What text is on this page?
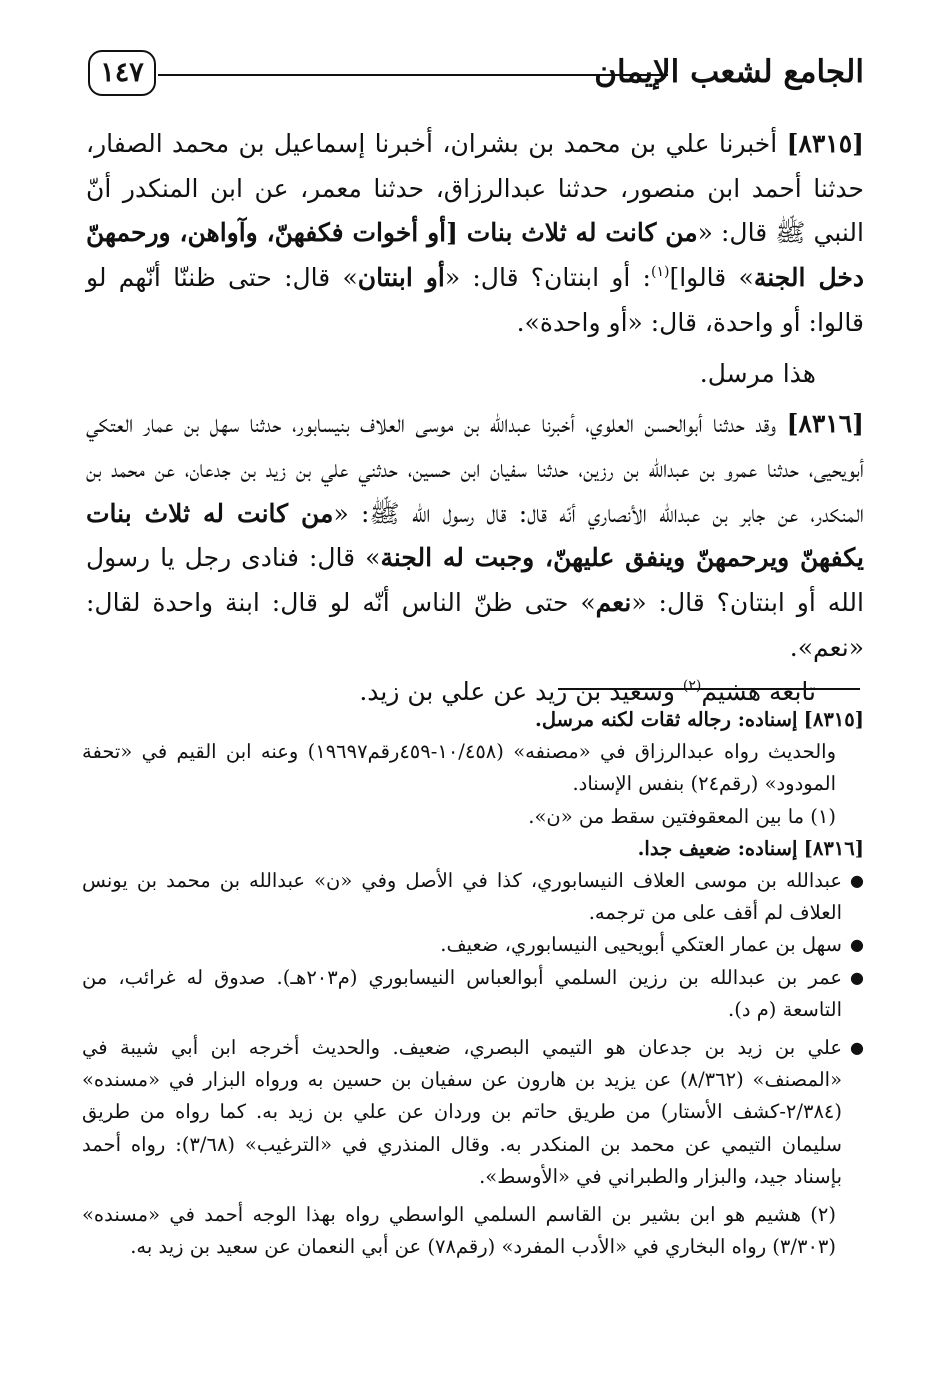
الجامع لشعب الإيمان
١٤٧

[٨٣١٥] أخبرنا علي بن محمد بن بشران، أخبرنا إسماعيل بن محمد الصفار، حدثنا أحمد ابن منصور، حدثنا عبدالرزاق، حدثنا معمر، عن ابن المنكدر أنّ النبي ﷺ قال: «من كانت له ثلاث بنات [أو أخوات فكفهنّ، وآواهن، ورحمهنّ دخل الجنة» قالوا]$^{(١)}$: أو ابنتان؟ قال: «أو ابنتان» قال: حتى ظننّا أنّهم لو قالوا: أو واحدة، قال: «أو واحدة».

هذا مرسل.

[٨٣١٦] وقد حدثنا أبوالحسن العلوي، أخبرنا عبدالله بن موسى العلاف بنيسابور، حدثنا سهل بن عمار العتكي أبويحيى، حدثنا عمرو بن عبدالله بن رزين، حدثنا سفيان ابن حسين، حدثني علي بن زيد بن جدعان، عن محمد بن المنكدر، عن جابر بن عبدالله الأنصاري أنّه قال: قال رسول الله ﷺ: «من كانت له ثلاث بنات يكفهنّ ويرحمهنّ وينفق عليهنّ، وجبت له الجنة» قال: فنادى رجل يا رسول الله أو ابنتان؟ قال: «نعم» حتى ظنّ الناس أنّه لو قال: ابنة واحدة لقال: «نعم».

تابعه هشيم$^{(٢)}$ وسعيد بن زيد عن علي بن زيد.

[٨٣١٥] إسناده: رجاله ثقات لكنه مرسل.

والحديث رواه عبدالرزاق في «مصنفه» (١٠/٤٥٨-٤٥٩رقم١٩٦٩٧) وعنه ابن القيم في «تحفة المودود» (رقم٢٤) بنفس الإسناد.

(١) ما بين المعقوفتين سقط من «ن».

[٨٣١٦] إسناده: ضعيف جدا.

●
عبدالله بن موسى العلاف النيسابوري، كذا في الأصل وفي «ن» عبدالله بن محمد بن يونس العلاف لم أقف على من ترجمه.
●
سهل بن عمار العتكي أبويحيى النيسابوري، ضعيف.
●
عمر بن عبدالله بن رزين السلمي أبوالعباس النيسابوري (م٢٠٣هـ). صدوق له غرائب، من التاسعة (م د).
●
علي بن زيد بن جدعان هو التيمي البصري، ضعيف. والحديث أخرجه ابن أبي شيبة في «المصنف» (٨/٣٦٢) عن يزيد بن هارون عن سفيان بن حسين به ورواه البزار في «مسنده» (٢/٣٨٤-كشف الأستار) من طريق حاتم بن وردان عن علي بن زيد به. كما رواه من طريق سليمان التيمي عن محمد بن المنكدر به. وقال المنذري في «الترغيب» (٣/٦٨): رواه أحمد بإسناد جيد، والبزار والطبراني في «الأوسط».

(٢) هشيم هو ابن بشير بن القاسم السلمي الواسطي رواه بهذا الوجه أحمد في «مسنده» (٣/٣٠٣) رواه البخاري في «الأدب المفرد» (رقم٧٨) عن أبي النعمان عن سعيد بن زيد به.
